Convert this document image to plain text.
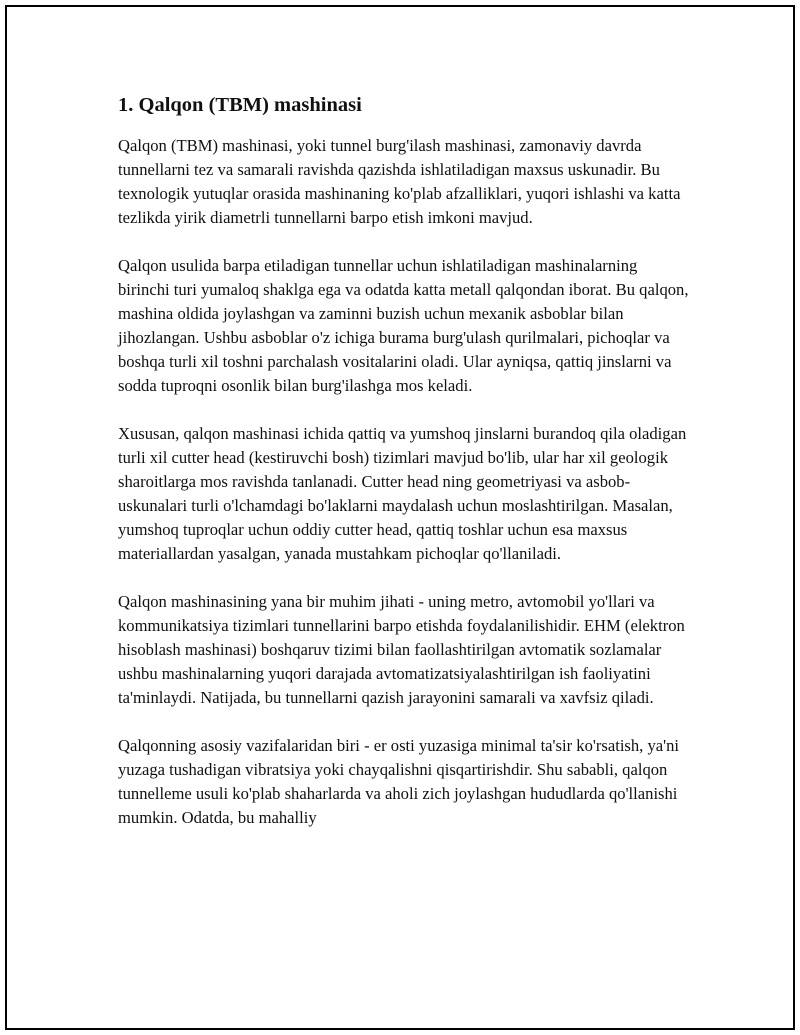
1. Qalqon (TBM) mashinasi

Qalqon (TBM) mashinasi, yoki tunnel burg'ilash mashinasi, zamonaviy davrda tunnellarni tez va samarali ravishda qazishda ishlatiladigan maxsus uskunadir. Bu texnologik yutuqlar orasida mashinaning ko'plab afzalliklari, yuqori ishlashi va katta tezlikda yirik diametrli tunnellarni barpo etish imkoni mavjud.

Qalqon usulida barpa etiladigan tunnellar uchun ishlatiladigan mashinalarning birinchi turi yumaloq shaklga ega va odatda katta metall qalqondan iborat. Bu qalqon, mashina oldida joylashgan va zaminni buzish uchun mexanik asboblar bilan jihozlangan. Ushbu asboblar o'z ichiga burama burg'ulash qurilmalari, pichoqlar va boshqa turli xil toshni parchalash vositalarini oladi. Ular ayniqsa, qattiq jinslarni va sodda tuproqni osonlik bilan burg'ilashga mos keladi.

Xususan, qalqon mashinasi ichida qattiq va yumshoq jinslarni burandoq qila oladigan turli xil cutter head (kestiruvchi bosh) tizimlari mavjud bo'lib, ular har xil geologik sharoitlarga mos ravishda tanlanadi. Cutter head ning geometriyasi va asbob-uskunalari turli o'lchamdagi bo'laklarni maydalash uchun moslashtirilgan. Masalan, yumshoq tuproqlar uchun oddiy cutter head, qattiq toshlar uchun esa maxsus materiallardan yasalgan, yanada mustahkam pichoqlar qo'llaniladi.

Qalqon mashinasining yana bir muhim jihati - uning metro, avtomobil yo'llari va kommunikatsiya tizimlari tunnellarini barpo etishda foydalanilishidir. EHM (elektron hisoblash mashinasi) boshqaruv tizimi bilan faollashtirilgan avtomatik sozlamalar ushbu mashinalarning yuqori darajada avtomatizatsiyalashtirilgan ish faoliyatini ta'minlaydi. Natijada, bu tunnellarni qazish jarayonini samarali va xavfsiz qiladi.

Qalqonning asosiy vazifalaridan biri - er osti yuzasiga minimal ta'sir ko'rsatish, ya'ni yuzaga tushadigan vibratsiya yoki chayqalishni qisqartirishdir. Shu sababli, qalqon tunnelleme usuli ko'plab shaharlarda va aholi zich joylashgan hududlarda qo'llanishi mumkin. Odatda, bu mahalliy
